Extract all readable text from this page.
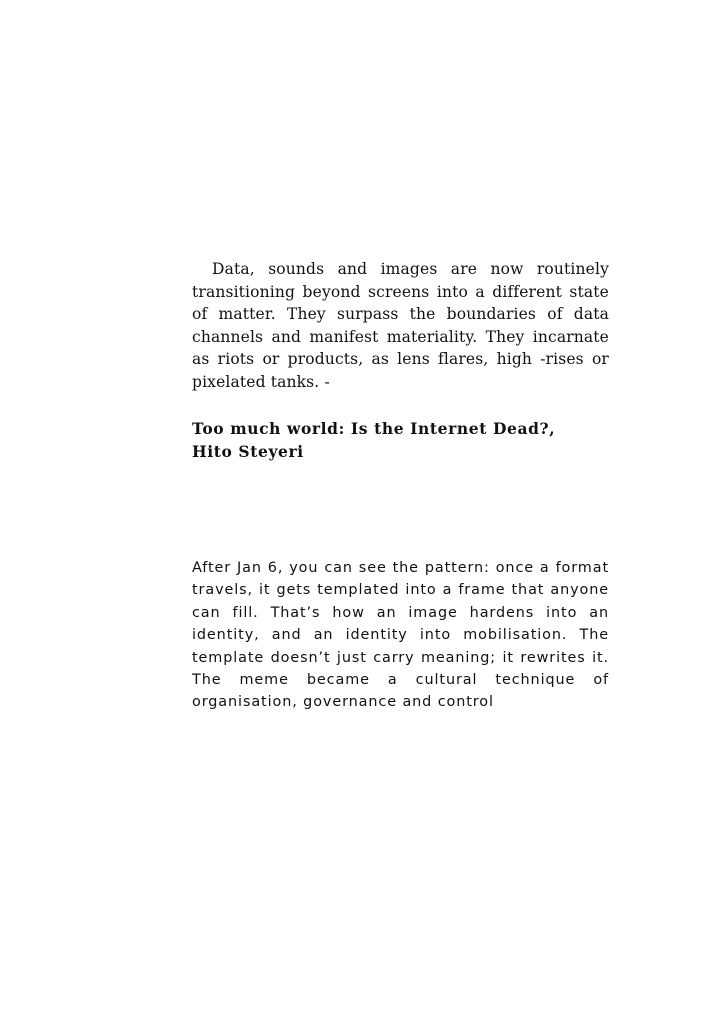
Data, sounds and images are now routinely transitioning beyond screens into a different state of matter. They surpass the boundaries of data channels and manifest materiality. They incarnate as riots or products, as lens flares, high -rises or pixelated tanks. -

Too much world: Is the Internet Dead?,
Hito Steyeri

After Jan 6, you can see the pattern: once a format travels, it gets templated into a frame that anyone can fill. That’s how an image hardens into an identity, and an identity into mobilisation. The template doesn’t just carry meaning; it rewrites it. The meme became a cultural technique of organisation, governance and control
